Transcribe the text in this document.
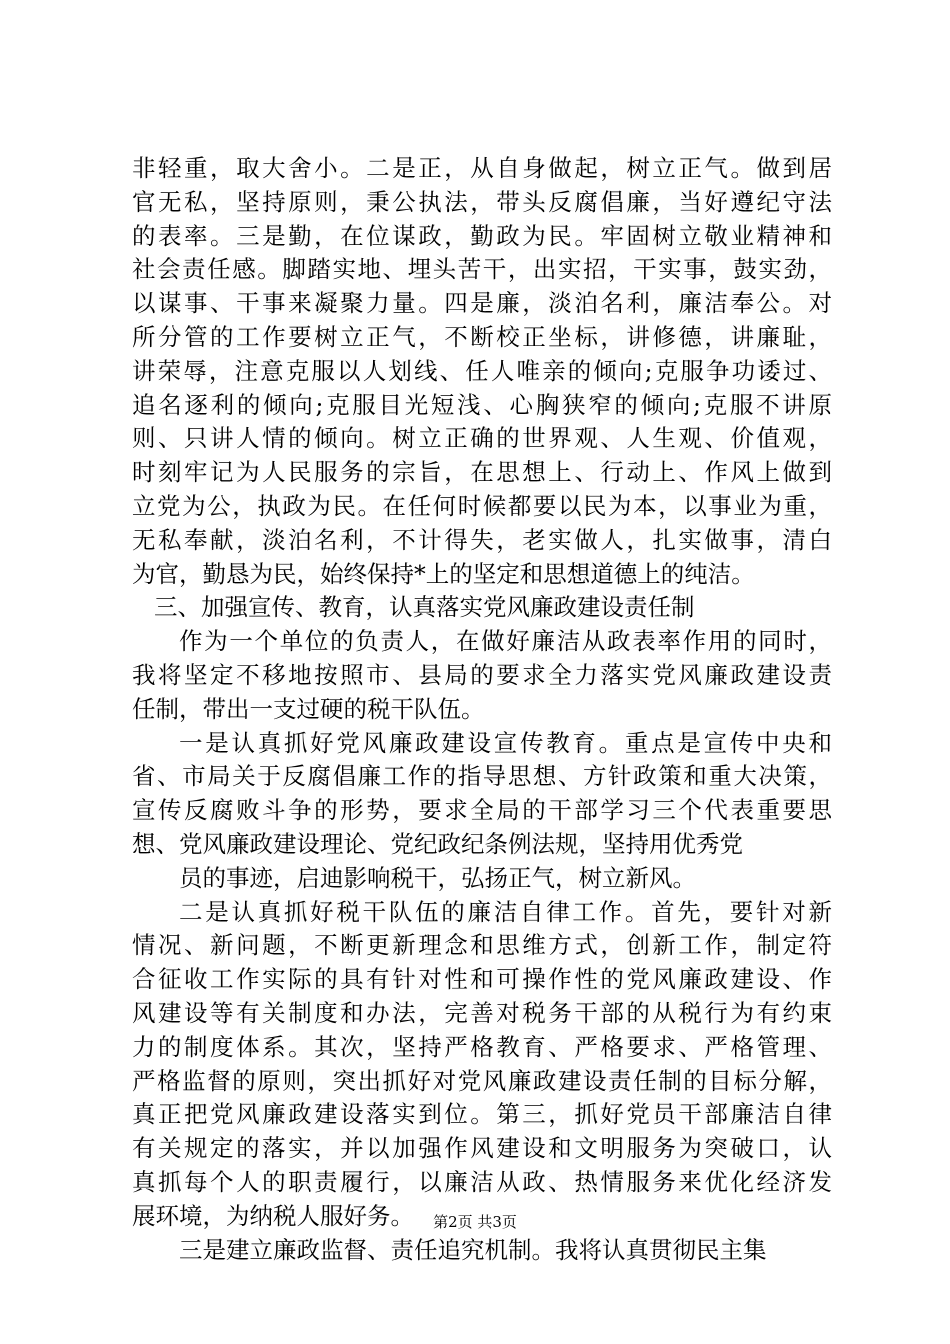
非轻重，取大舍小。二是正，从自身做起，树立正气。做到居
官无私，坚持原则，秉公执法，带头反腐倡廉，当好遵纪守法
的表率。三是勤，在位谋政，勤政为民。牢固树立敬业精神和
社会责任感。脚踏实地、埋头苦干，出实招，干实事，鼓实劲，
以谋事、干事来凝聚力量。四是廉，淡泊名利，廉洁奉公。对
所分管的工作要树立正气，不断校正坐标，讲修德，讲廉耻，
讲荣辱，注意克服以人划线、任人唯亲的倾向;克服争功诿过、
追名逐利的倾向;克服目光短浅、心胸狭窄的倾向;克服不讲原
则、只讲人情的倾向。树立正确的世界观、人生观、价值观，
时刻牢记为人民服务的宗旨，在思想上、行动上、作风上做到
立党为公，执政为民。在任何时候都要以民为本，以事业为重，
无私奉献，淡泊名利，不计得失，老实做人，扎实做事，清白
为官，勤恳为民，始终保持*上的坚定和思想道德上的纯洁。
三、加强宣传、教育，认真落实党风廉政建设责任制
作为一个单位的负责人，在做好廉洁从政表率作用的同时，
我将坚定不移地按照市、县局的要求全力落实党风廉政建设责
任制，带出一支过硬的税干队伍。
一是认真抓好党风廉政建设宣传教育。重点是宣传中央和
省、市局关于反腐倡廉工作的指导思想、方针政策和重大决策，
宣传反腐败斗争的形势，要求全局的干部学习三个代表重要思
想、党风廉政建设理论、党纪政纪条例法规，坚持用优秀党
员的事迹，启迪影响税干，弘扬正气，树立新风。
二是认真抓好税干队伍的廉洁自律工作。首先，要针对新
情况、新问题，不断更新理念和思维方式，创新工作，制定符
合征收工作实际的具有针对性和可操作性的党风廉政建设、作
风建设等有关制度和办法，完善对税务干部的从税行为有约束
力的制度体系。其次，坚持严格教育、严格要求、严格管理、
严格监督的原则，突出抓好对党风廉政建设责任制的目标分解，
真正把党风廉政建设落实到位。第三，抓好党员干部廉洁自律
有关规定的落实，并以加强作风建设和文明服务为突破口，认
真抓每个人的职责履行，以廉洁从政、热情服务来优化经济发
展环境，为纳税人服好务。
三是建立廉政监督、责任追究机制。我将认真贯彻民主集
第2页 共3页
